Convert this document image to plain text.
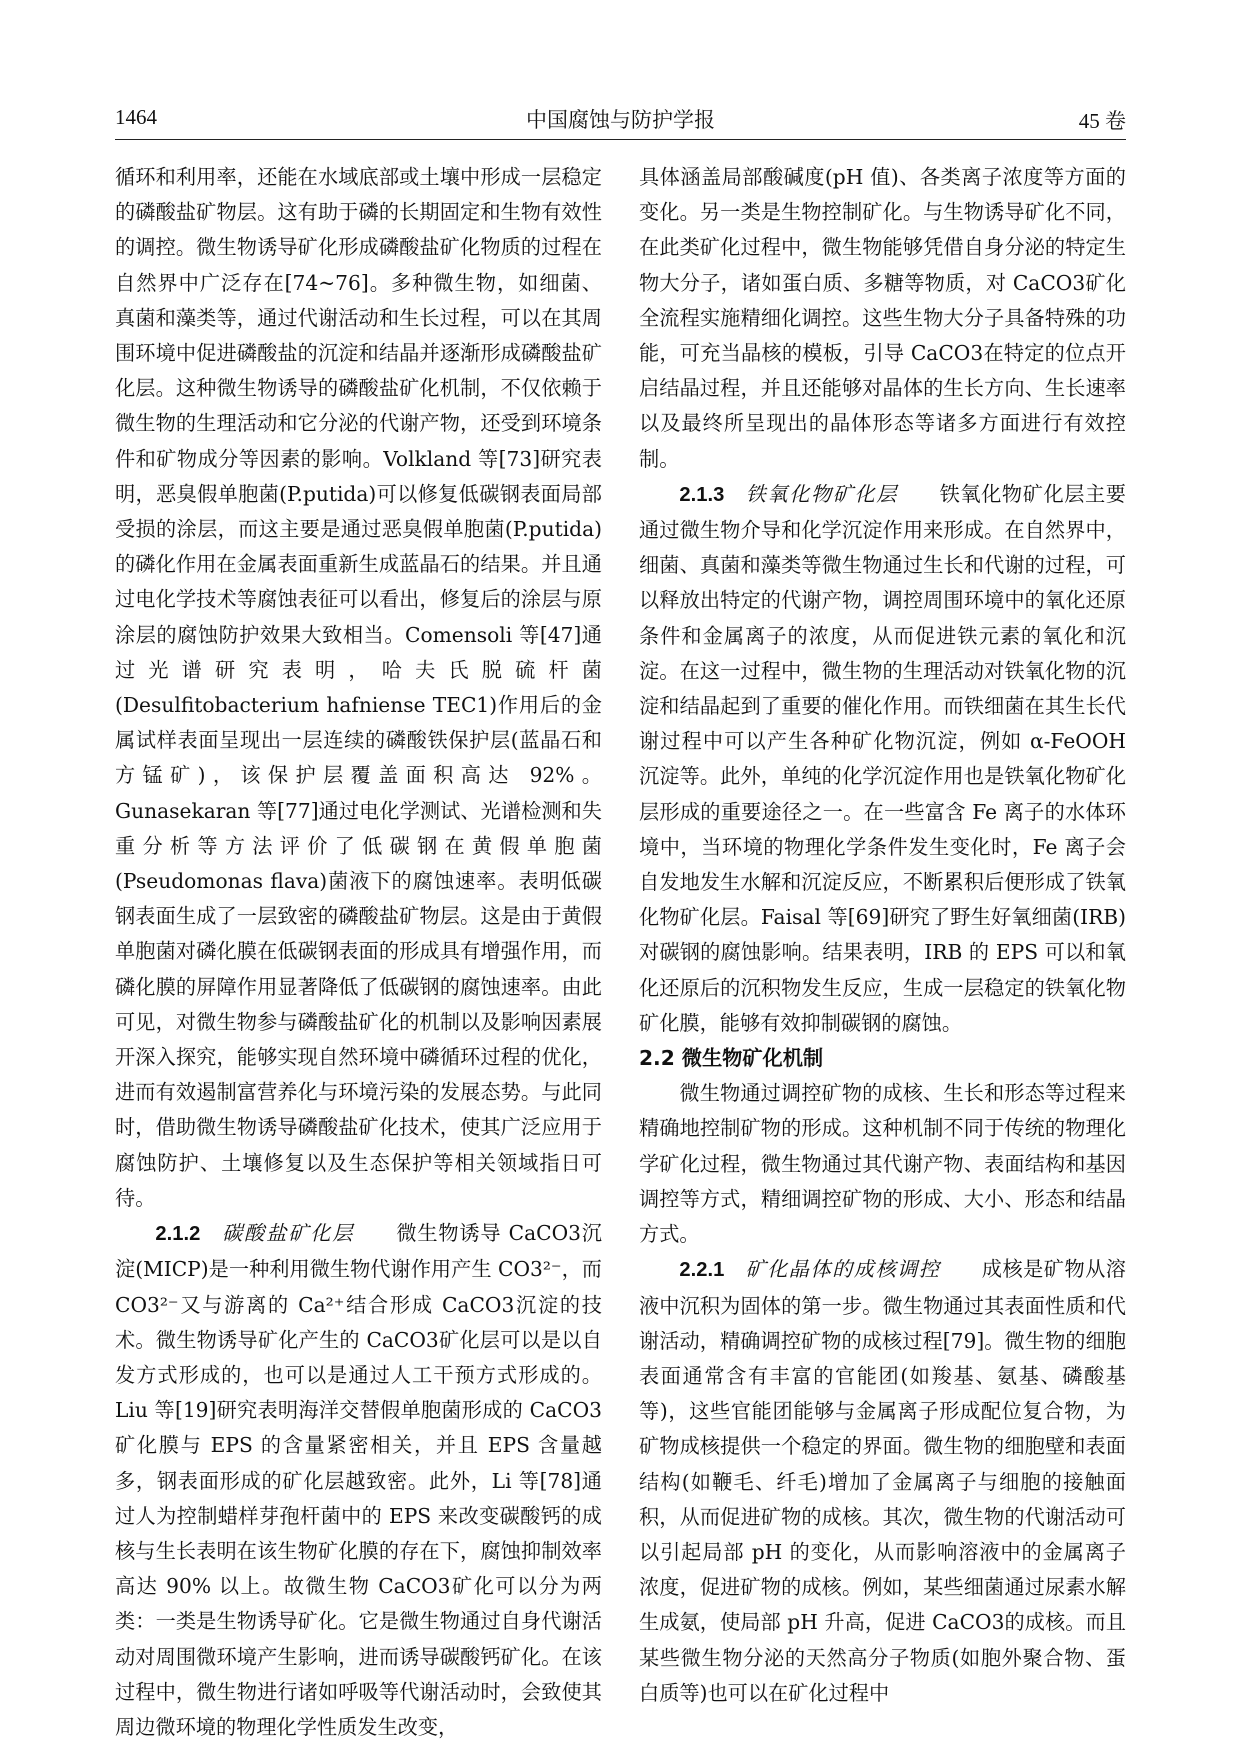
1464	中国腐蚀与防护学报	45 卷

循环和利用率，还能在水域底部或土壤中形成一层稳定的磷酸盐矿物层。这有助于磷的长期固定和生物有效性的调控。微生物诱导矿化形成磷酸盐矿化物质的过程在自然界中广泛存在[74~76]。多种微生物，如细菌、真菌和藻类等，通过代谢活动和生长过程，可以在其周围环境中促进磷酸盐的沉淀和结晶并逐渐形成磷酸盐矿化层。这种微生物诱导的磷酸盐矿化机制，不仅依赖于微生物的生理活动和它分泌的代谢产物，还受到环境条件和矿物成分等因素的影响。Volkland 等[73]研究表明，恶臭假单胞菌(P.putida)可以修复低碳钢表面局部受损的涂层，而这主要是通过恶臭假单胞菌(P.putida)的磷化作用在金属表面重新生成蓝晶石的结果。并且通过电化学技术等腐蚀表征可以看出，修复后的涂层与原涂层的腐蚀防护效果大致相当。Comensoli 等[47]通过光谱研究表明，哈夫氏脱硫杆菌(Desulfitobacterium hafniense TEC1)作用后的金属试样表面呈现出一层连续的磷酸铁保护层(蓝晶石和方锰矿)，该保护层覆盖面积高达 92%。Gunasekaran 等[77]通过电化学测试、光谱检测和失重分析等方法评价了低碳钢在黄假单胞菌(Pseudomonas flava)菌液下的腐蚀速率。表明低碳钢表面生成了一层致密的磷酸盐矿物层。这是由于黄假单胞菌对磷化膜在低碳钢表面的形成具有增强作用，而磷化膜的屏障作用显著降低了低碳钢的腐蚀速率。由此可见，对微生物参与磷酸盐矿化的机制以及影响因素展开深入探究，能够实现自然环境中磷循环过程的优化，进而有效遏制富营养化与环境污染的发展态势。与此同时，借助微生物诱导磷酸盐矿化技术，使其广泛应用于腐蚀防护、土壤修复以及生态保护等相关领域指日可待。

2.1.2　 碳酸盐矿化层　　 微生物诱导 CaCO3沉淀(MICP)是一种利用微生物代谢作用产生 CO3²⁻，而 CO3²⁻又与游离的 Ca²⁺结合形成 CaCO3沉淀的技术。微生物诱导矿化产生的 CaCO3矿化层可以是以自发方式形成的，也可以是通过人工干预方式形成的。Liu 等[19]研究表明海洋交替假单胞菌形成的 CaCO3矿化膜与 EPS 的含量紧密相关，并且 EPS 含量越多，钢表面形成的矿化层越致密。此外，Li 等[78]通过人为控制蜡样芽孢杆菌中的 EPS 来改变碳酸钙的成核与生长表明在该生物矿化膜的存在下，腐蚀抑制效率高达 90% 以上。故微生物 CaCO3矿化可以分为两类：一类是生物诱导矿化。它是微生物通过自身代谢活动对周围微环境产生影响，进而诱导碳酸钙矿化。在该过程中，微生物进行诸如呼吸等代谢活动时，会致使其周边微环境的物理化学性质发生改变，

具体涵盖局部酸碱度(pH 值)、各类离子浓度等方面的变化。另一类是生物控制矿化。与生物诱导矿化不同，在此类矿化过程中，微生物能够凭借自身分泌的特定生物大分子，诸如蛋白质、多糖等物质，对 CaCO3矿化全流程实施精细化调控。这些生物大分子具备特殊的功能，可充当晶核的模板，引导 CaCO3在特定的位点开启结晶过程，并且还能够对晶体的生长方向、生长速率以及最终所呈现出的晶体形态等诸多方面进行有效控制。

2.1.3　 铁氧化物矿化层　　 铁氧化物矿化层主要通过微生物介导和化学沉淀作用来形成。在自然界中，细菌、真菌和藻类等微生物通过生长和代谢的过程，可以释放出特定的代谢产物，调控周围环境中的氧化还原条件和金属离子的浓度，从而促进铁元素的氧化和沉淀。在这一过程中，微生物的生理活动对铁氧化物的沉淀和结晶起到了重要的催化作用。而铁细菌在其生长代谢过程中可以产生各种矿化物沉淀，例如 α-FeOOH 沉淀等。此外，单纯的化学沉淀作用也是铁氧化物矿化层形成的重要途径之一。在一些富含 Fe 离子的水体环境中，当环境的物理化学条件发生变化时，Fe 离子会自发地发生水解和沉淀反应，不断累积后便形成了铁氧化物矿化层。Faisal 等[69]研究了野生好氧细菌(IRB)对碳钢的腐蚀影响。结果表明，IRB 的 EPS 可以和氧化还原后的沉积物发生反应，生成一层稳定的铁氧化物矿化膜，能够有效抑制碳钢的腐蚀。

2.2 微生物矿化机制

微生物通过调控矿物的成核、生长和形态等过程来精确地控制矿物的形成。这种机制不同于传统的物理化学矿化过程，微生物通过其代谢产物、表面结构和基因调控等方式，精细调控矿物的形成、大小、形态和结晶方式。

2.2.1　 矿化晶体的成核调控　　 成核是矿物从溶液中沉积为固体的第一步。微生物通过其表面性质和代谢活动，精确调控矿物的成核过程[79]。微生物的细胞表面通常含有丰富的官能团(如羧基、氨基、磷酸基等)，这些官能团能够与金属离子形成配位复合物，为矿物成核提供一个稳定的界面。微生物的细胞壁和表面结构(如鞭毛、纤毛)增加了金属离子与细胞的接触面积，从而促进矿物的成核。其次，微生物的代谢活动可以引起局部 pH 的变化，从而影响溶液中的金属离子浓度，促进矿物的成核。例如，某些细菌通过尿素水解生成氨，使局部 pH 升高，促进 CaCO3的成核。而且某些微生物分泌的天然高分子物质(如胞外聚合物、蛋白质等)也可以在矿化过程中
